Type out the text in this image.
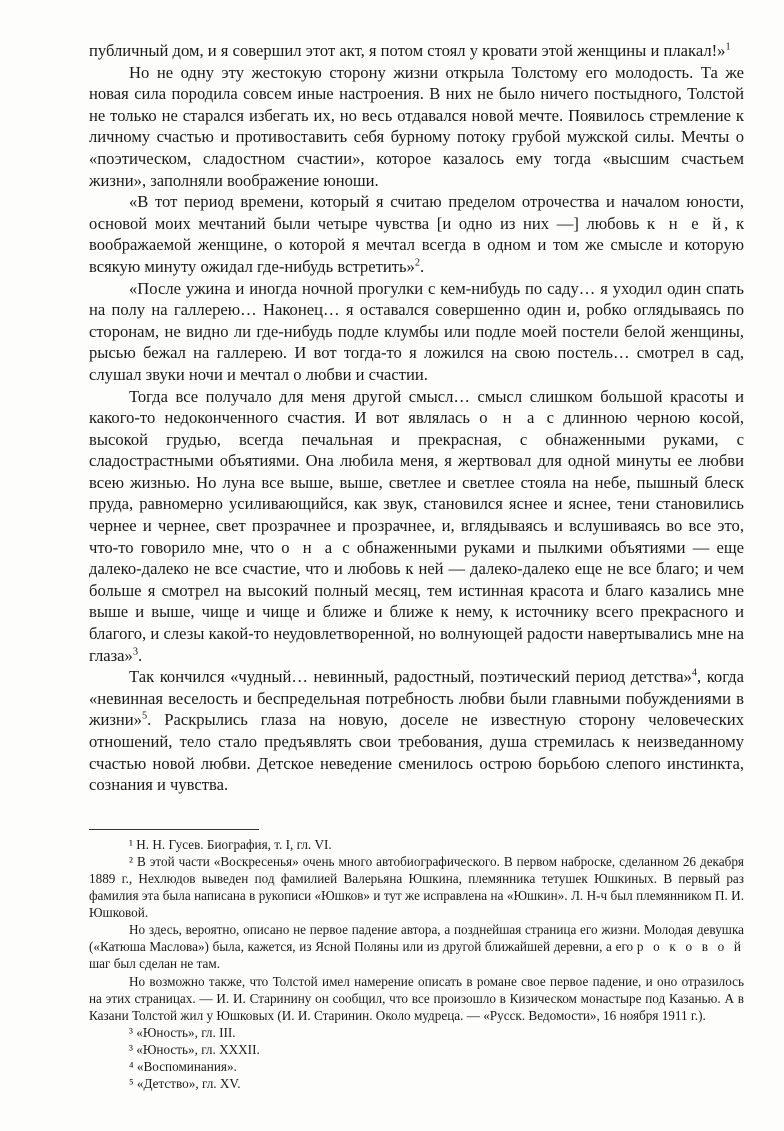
публичный дом, и я совершил этот акт, я потом стоял у кровати этой женщины и плакал!»$^1$

Но не одну эту жестокую сторону жизни открыла Толстому его молодость. Та же новая сила породила совсем иные настроения. В них не было ничего постыдного, Толстой не только не старался избегать их, но весь отдавался новой мечте. Появилось стремление к личному счастью и противоставить себя бурному потоку грубой мужской силы. Мечты о «поэтическом, сладостном счастии», которое казалось ему тогда «высшим счастьем жизни», заполняли воображение юноши.

«В тот период времени, который я считаю пределом отрочества и началом юности, основой моих мечтаний были четыре чувства [и одно из них —] любовь к н е й, к воображаемой женщине, о которой я мечтал всегда в одном и том же смысле и которую всякую минуту ожидал где-нибудь встретить»$^2$.

«После ужина и иногда ночной прогулки с кем-нибудь по саду… я уходил один спать на полу на галлерею… Наконец… я оставался совершенно один и, робко оглядываясь по сторонам, не видно ли где-нибудь подле клумбы или подле моей постели белой женщины, рысью бежал на галлерею. И вот тогда-то я ложился на свою постель… смотрел в сад, слушал звуки ночи и мечтал о любви и счастии.

Тогда все получало для меня другой смысл… смысл слишком большой красоты и какого-то недоконченного счастия. И вот являлась о н а с длинною черною косой, высокой грудью, всегда печальная и прекрасная, с обнаженными руками, с сладострастными объятиями. Она любила меня, я жертвовал для одной минуты ее любви всею жизнью. Но луна все выше, выше, светлее и светлее стояла на небе, пышный блеск пруда, равномерно усиливающийся, как звук, становился яснее и яснее, тени становились чернее и чернее, свет прозрачнее и прозрачнее, и, вглядываясь и вслушиваясь во все это, что-то говорило мне, что о н а с обнаженными руками и пылкими объятиями — еще далеко-далеко не все счастие, что и любовь к ней — далеко-далеко еще не все благо; и чем больше я смотрел на высокий полный месяц, тем истинная красота и благо казались мне выше и выше, чище и чище и ближе и ближе к нему, к источнику всего прекрасного и благого, и слезы какой-то неудовлетворенной, но волнующей радости навертывались мне на глаза»$^3$.

Так кончился «чудный… невинный, радостный, поэтический период детства»$^4$, когда «невинная веселость и беспредельная потребность любви были главными побуждениями в жизни»$^5$. Раскрылись глаза на новую, доселе не известную сторону человеческих отношений, тело стало предъявлять свои требования, душа стремилась к неизведанному счастью новой любви. Детское неведение сменилось острою борьбою слепого инстинкта, сознания и чувства.

¹ Н. Н. Гусев. Биография, т. I, гл. VI.

² В этой части «Воскресенья» очень много автобиографического. В первом наброске, сделанном 26 декабря 1889 г., Нехлюдов выведен под фамилией Валерьяна Юшкина, племянника тетушек Юшкиных. В первый раз фамилия эта была написана в рукописи «Юшков» и тут же исправлена на «Юшкин». Л. Н-ч был племянником П. И. Юшковой.

Но здесь, вероятно, описано не первое падение автора, а позднейшая страница его жизни. Молодая девушка («Катюша Маслова») была, кажется, из Ясной Поляны или из другой ближайшей деревни, а его р о к о в о й шаг был сделан не там.

Но возможно также, что Толстой имел намерение описать в романе свое первое падение, и оно отразилось на этих страницах. — И. И. Старинину он сообщил, что все произошло в Кизическом монастыре под Казанью. А в Казани Толстой жил у Юшковых (И. И. Старинин. Около мудреца. — «Русск. Ведомости», 16 ноября 1911 г.).

³ «Юность», гл. III.

³ «Юность», гл. XXXII.

⁴ «Воспоминания».

⁵ «Детство», гл. XV.
